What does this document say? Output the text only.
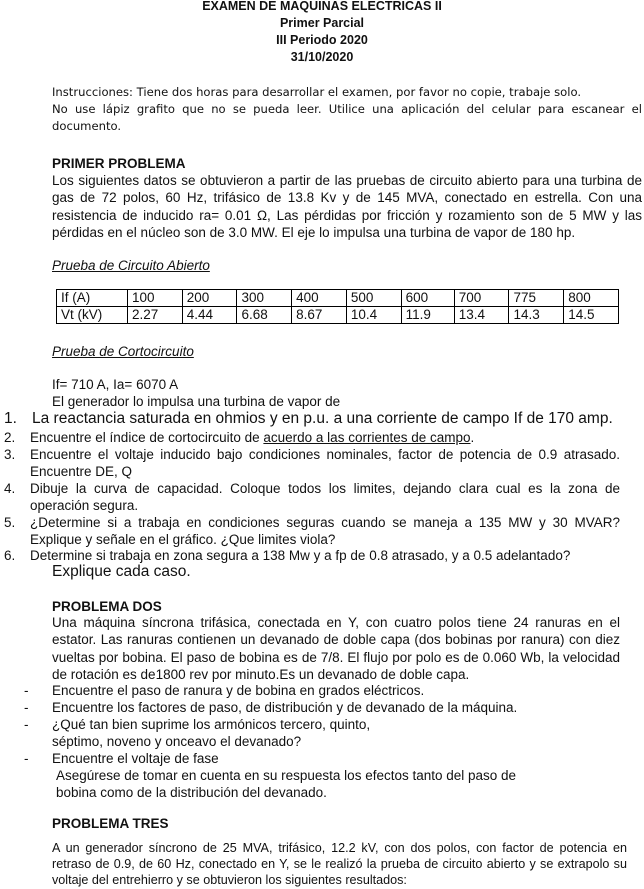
EXAMEN DE MAQUINAS ELECTRICAS II
Primer Parcial
III Periodo 2020
31/10/2020

Instrucciones: Tiene dos horas para desarrollar el examen, por favor no copie, trabaje solo.

No use lápiz grafito que no se pueda leer. Utilice una aplicación del celular para escanear el documento.

PRIMER PROBLEMA
Los siguientes datos se obtuvieron a partir de las pruebas de circuito abierto para una turbina de gas de 72 polos, 60 Hz, trifásico de 13.8 Kv y de 145 MVA, conectado en estrella. Con una resistencia de inducido ra= 0.01 Ω, Las pérdidas por fricción y rozamiento son de 5 MW y las pérdidas en el núcleo son de 3.0 MW. El eje lo impulsa una turbina de vapor de 180 hp.
Prueba de Circuito Abierto
If (A)	100	200	300	400	500	600	700	775	800
Vt (kV)	2.27	4.44	6.68	8.67	10.4	11.9	13.4	14.3	14.5
Prueba de Cortocircuito
If= 710 A, Ia= 6070 A
El generador lo impulsa una turbina de vapor de
1. La reactancia saturada en ohmios y en p.u. a una corriente de campo If de 170 amp.
2. Encuentre el índice de cortocircuito de acuerdo a las corrientes de campo.
3. Encuentre el voltaje inducido bajo condiciones nominales, factor de potencia de 0.9 atrasado. Encuentre DE, Q
4. Dibuje la curva de capacidad. Coloque todos los limites, dejando clara cual es la zona de operación segura.
5. ¿Determine si a trabaja en condiciones seguras cuando se maneja a 135 MW y 30 MVAR? Explique y señale en el gráfico. ¿Que limites viola?
6. Determine si trabaja en zona segura a 138 Mw y a fp de 0.8 atrasado, y a 0.5 adelantado?
Explique cada caso.
PROBLEMA DOS
Una máquina síncrona trifásica, conectada en Y, con cuatro polos tiene 24 ranuras en el estator. Las ranuras contienen un devanado de doble capa (dos bobinas por ranura) con diez vueltas por bobina. El paso de bobina es de 7/8. El flujo por polo es de 0.060 Wb, la velocidad de rotación es de1800 rev por minuto.Es un devanado de doble capa.
- Encuentre el paso de ranura y de bobina en grados eléctricos.
- Encuentre los factores de paso, de distribución y de devanado de la máquina.
- ¿Qué tan bien suprime los armónicos tercero, quinto, séptimo, noveno y onceavo el devanado?
- Encuentre el voltaje de fase
Asegúrese de tomar en cuenta en su respuesta los efectos tanto del paso de bobina como de la distribución del devanado.
PROBLEMA TRES
A un generador síncrono de 25 MVA, trifásico, 12.2 kV, con dos polos, con factor de potencia en retraso de 0.9, de 60 Hz, conectado en Y, se le realizó la prueba de circuito abierto y se extrapolo su voltaje del entrehierro y se obtuvieron los siguientes resultados:
